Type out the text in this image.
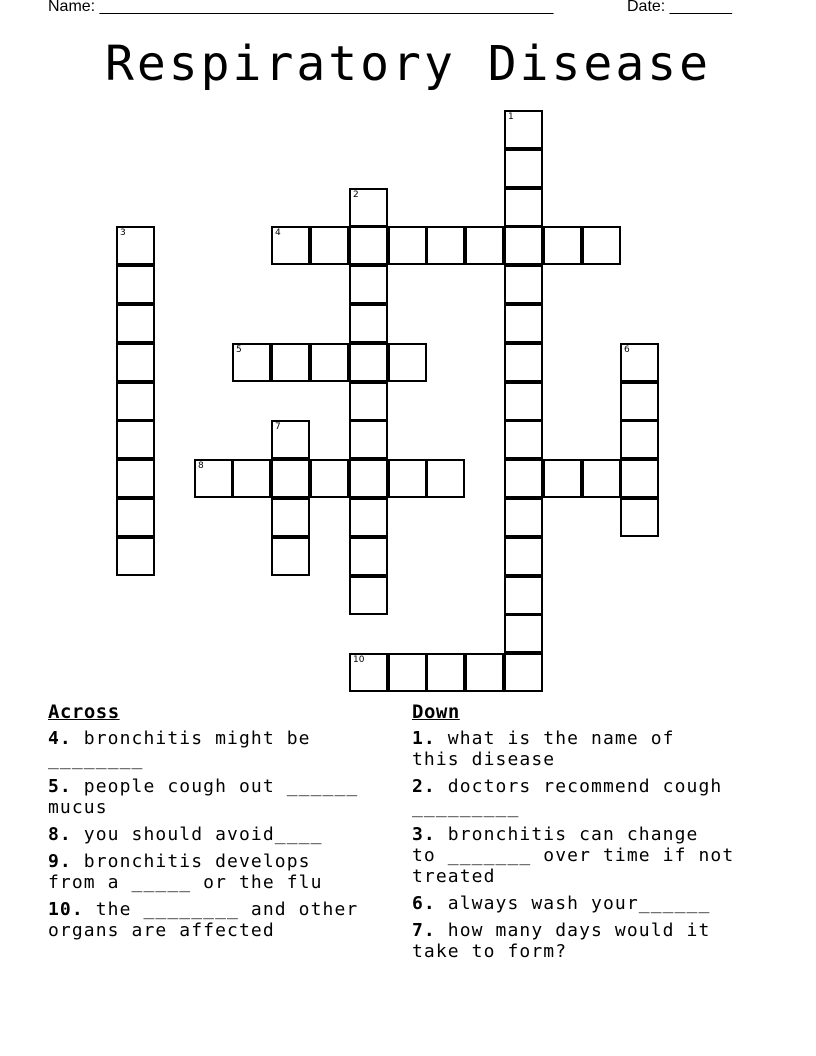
Name: ___________________________________________________	Date: _______
Respiratory Disease
1
2
3	4
5	6
7
8
10
Across
4. bronchitis might be
________
5. people cough out ______
mucus
8. you should avoid____
9. bronchitis develops
from a _____ or the flu
10. the ________ and other
organs are affected
Down
1. what is the name of
this disease
2. doctors recommend cough
_________
3. bronchitis can change
to _______ over time if not
treated
6. always wash your______
7. how many days would it
take to form?
